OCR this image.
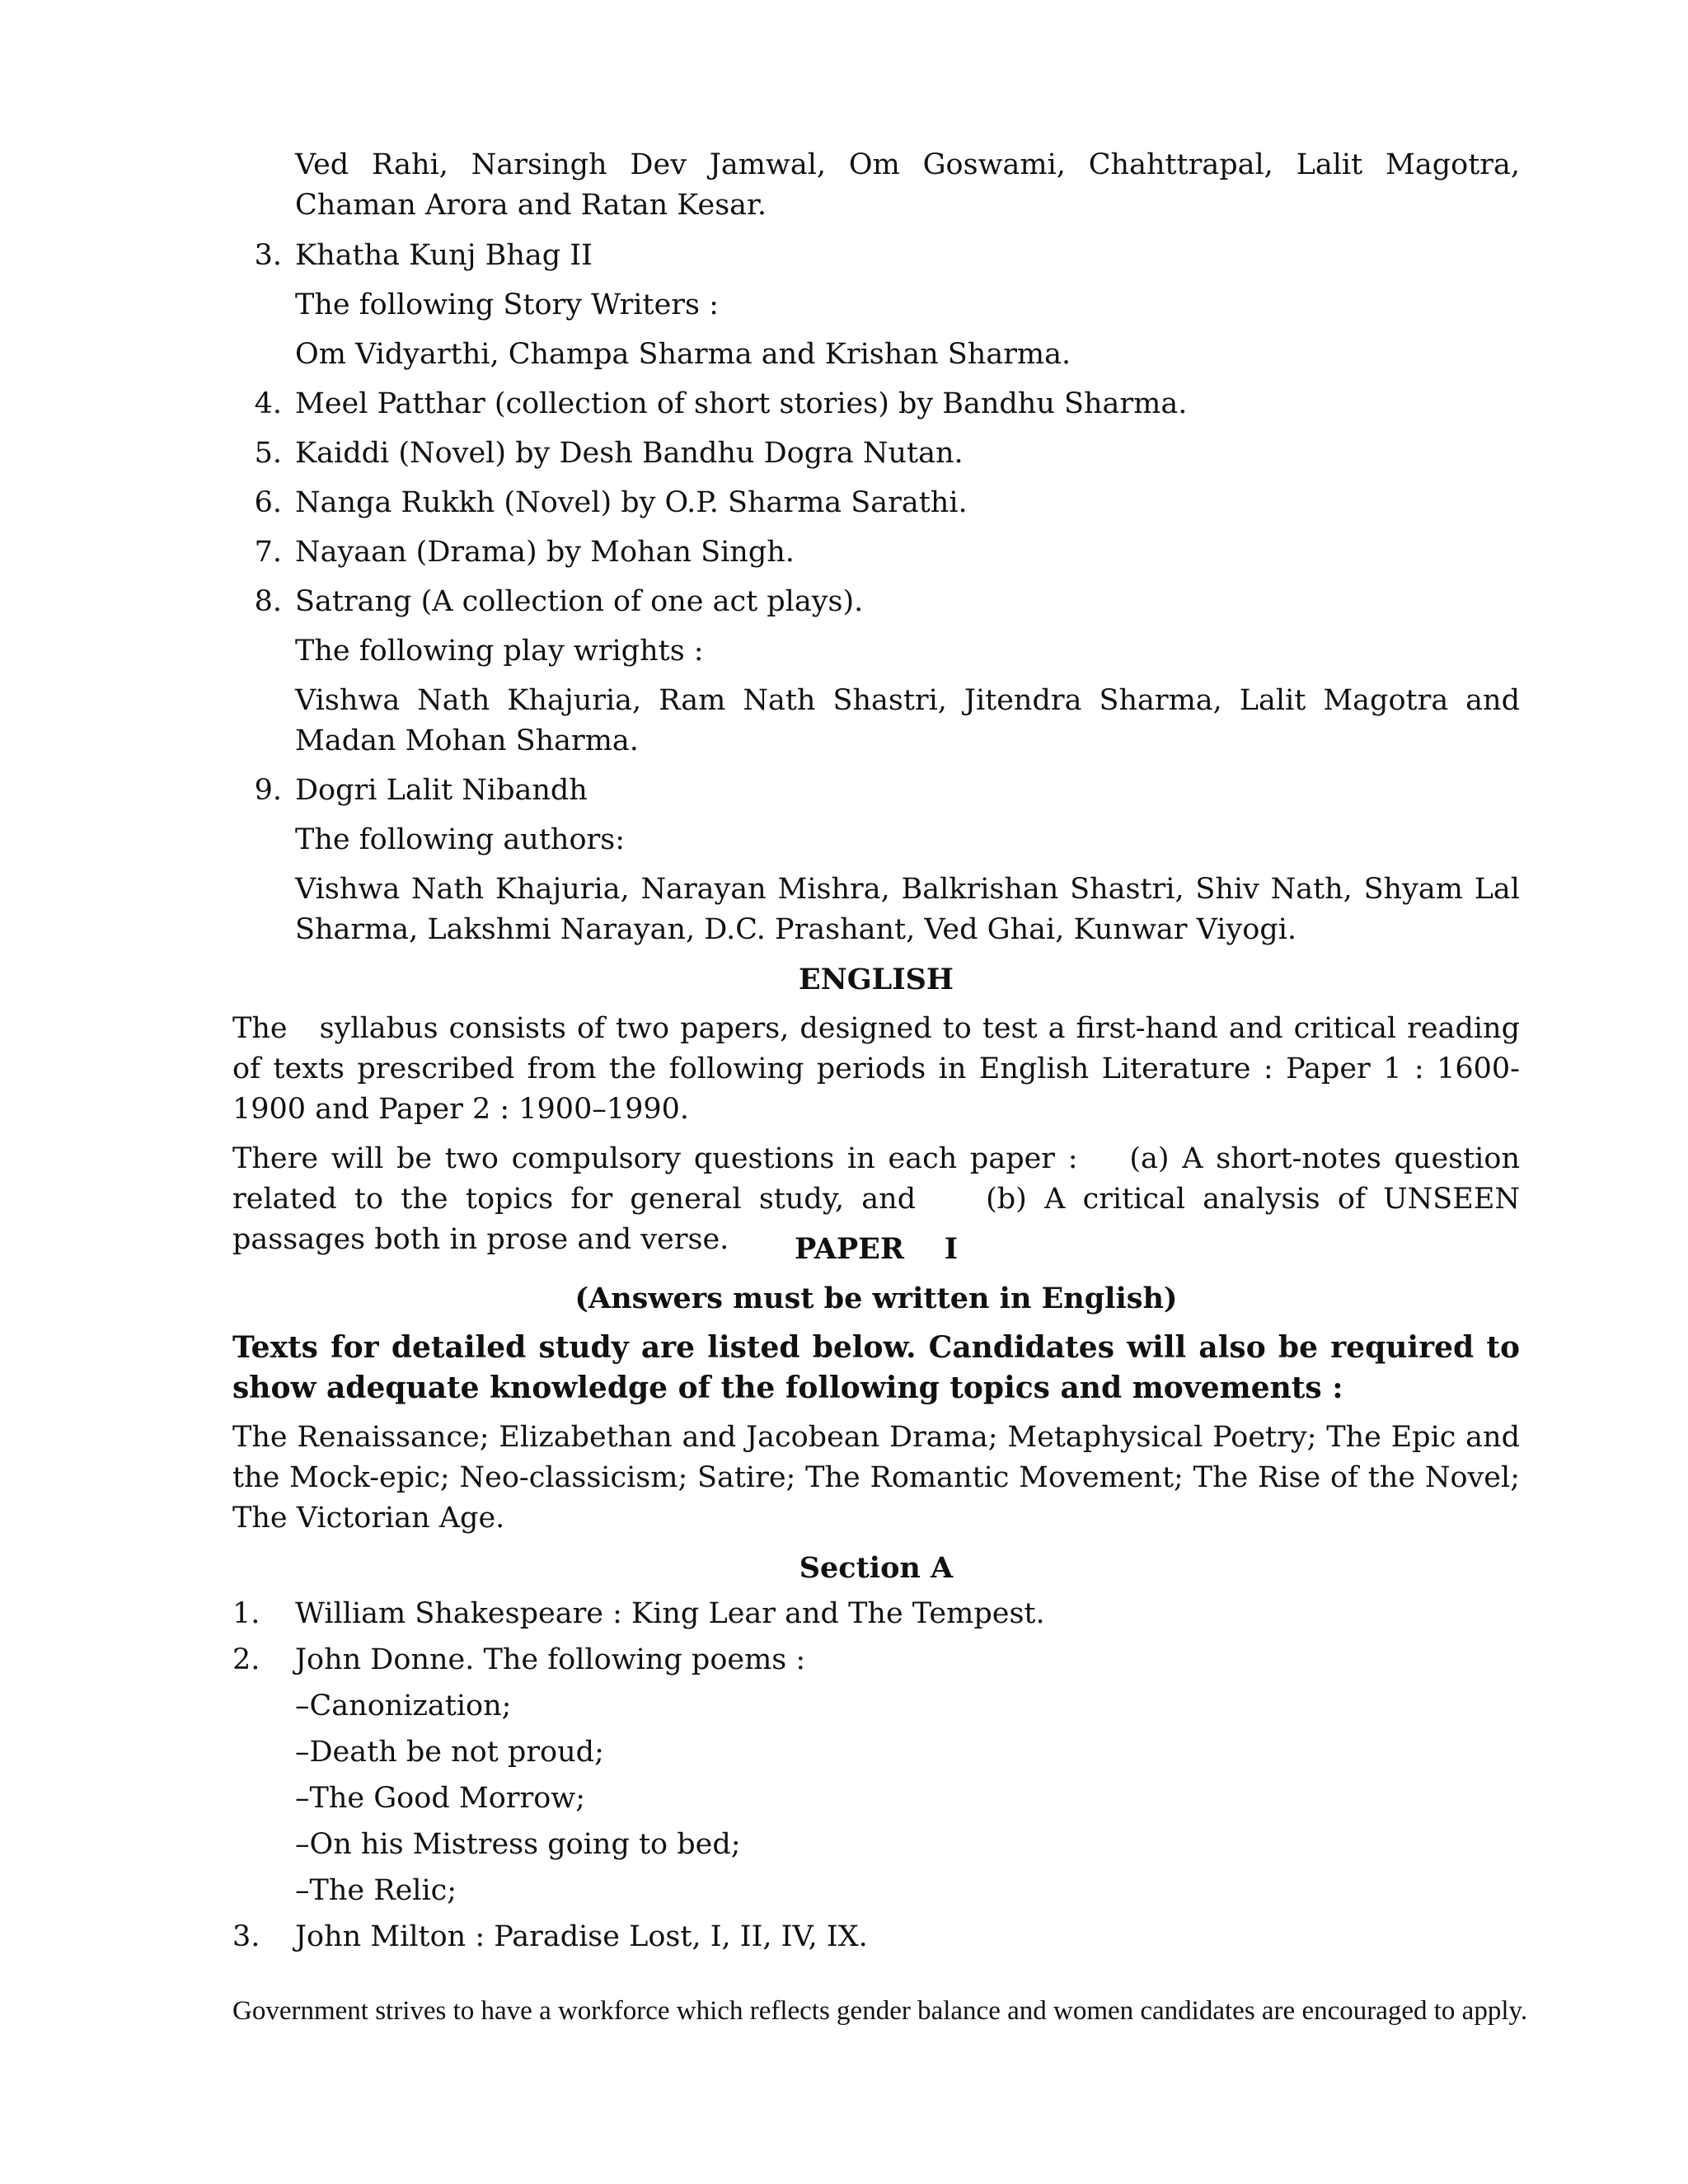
Ved Rahi, Narsingh Dev Jamwal, Om Goswami, Chahttrapal, Lalit Magotra, Chaman Arora and Ratan Kesar.

3. Khatha Kunj Bhag II

The following Story Writers :

Om Vidyarthi, Champa Sharma and Krishan Sharma.

4. Meel Patthar (collection of short stories) by Bandhu Sharma.

5. Kaiddi (Novel) by Desh Bandhu Dogra Nutan.

6. Nanga Rukkh (Novel) by O.P. Sharma Sarathi.

7. Nayaan (Drama) by Mohan Singh.

8. Satrang (A collection of one act plays).

The following play wrights :

Vishwa Nath Khajuria, Ram Nath Shastri, Jitendra Sharma, Lalit Magotra and Madan Mohan Sharma.

9. Dogri Lalit Nibandh

The following authors:

Vishwa Nath Khajuria, Narayan Mishra, Balkrishan Shastri, Shiv Nath, Shyam Lal Sharma, Lakshmi Narayan, D.C. Prashant, Ved Ghai, Kunwar Viyogi.

ENGLISH

The   syllabus consists of two papers, designed to test a first-hand and critical reading of texts prescribed from the following periods in English Literature : Paper 1 : 1600-1900 and Paper 2 : 1900–1990.

There will be two compulsory questions in each paper :    (a) A short-notes question related to the topics for general study, and    (b) A critical analysis of UNSEEN passages both in prose and verse.	PAPER    I

(Answers must be written in English)

Texts for detailed study are listed below. Candidates will also be required to show adequate knowledge of the following topics and movements :

The Renaissance; Elizabethan and Jacobean Drama; Metaphysical Poetry; The Epic and the Mock-epic; Neo-classicism; Satire; The Romantic Movement; The Rise of the Novel; The Victorian Age.

Section A

1. William Shakespeare : King Lear and The Tempest.

2. John Donne. The following poems :

–Canonization;

–Death be not proud;

–The Good Morrow;

–On his Mistress going to bed;

–The Relic;

3. John Milton : Paradise Lost, I, II, IV, IX.

Government strives to have a workforce which reflects gender balance and women candidates are encouraged to apply.
